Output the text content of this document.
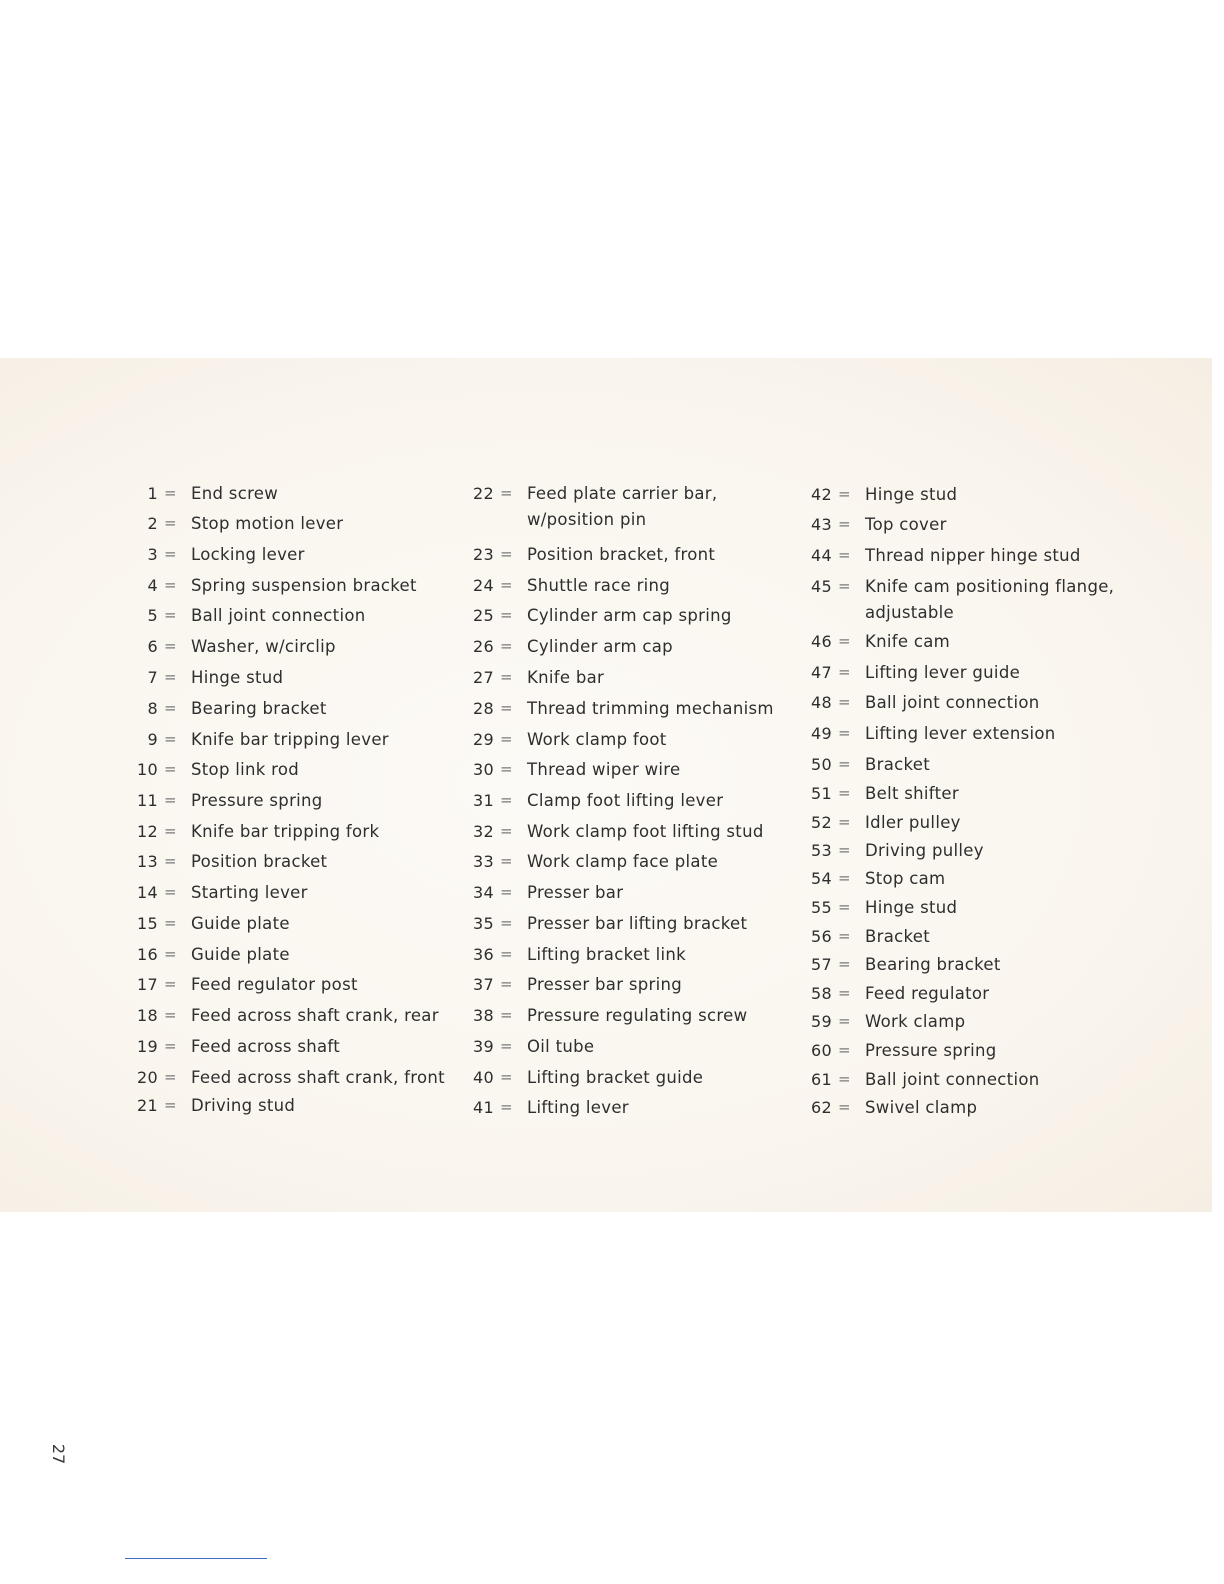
27
1 = End screw
2 = Stop motion lever
3 = Locking lever
4 = Spring suspension bracket
5 = Ball joint connection
6 = Washer, w/circlip
7 = Hinge stud
8 = Bearing bracket
9 = Knife bar tripping lever
10 = Stop link rod
11 = Pressure spring
12 = Knife bar tripping fork
13 = Position bracket
14 = Starting lever
15 = Guide plate
16 = Guide plate
17 = Feed regulator post
18 = Feed across shaft crank, rear
19 = Feed across shaft
20 = Feed across shaft crank, front
21 = Driving stud
22 = Feed plate carrier bar,
w/position pin
23 = Position bracket, front
24 = Shuttle race ring
25 = Cylinder arm cap spring
26 = Cylinder arm cap
27 = Knife bar
28 = Thread trimming mechanism
29 = Work clamp foot
30 = Thread wiper wire
31 = Clamp foot lifting lever
32 = Work clamp foot lifting stud
33 = Work clamp face plate
34 = Presser bar
35 = Presser bar lifting bracket
36 = Lifting bracket link
37 = Presser bar spring
38 = Pressure regulating screw
39 = Oil tube
40 = Lifting bracket guide
41 = Lifting lever
42 = Hinge stud
43 = Top cover
44 = Thread nipper hinge stud
45 = Knife cam positioning flange,
adjustable
46 = Knife cam
47 = Lifting lever guide
48 = Ball joint connection
49 = Lifting lever extension
50 = Bracket
51 = Belt shifter
52 = Idler pulley
53 = Driving pulley
54 = Stop cam
55 = Hinge stud
56 = Bracket
57 = Bearing bracket
58 = Feed regulator
59 = Work clamp
60 = Pressure spring
61 = Ball joint connection
62 = Swivel clamp
